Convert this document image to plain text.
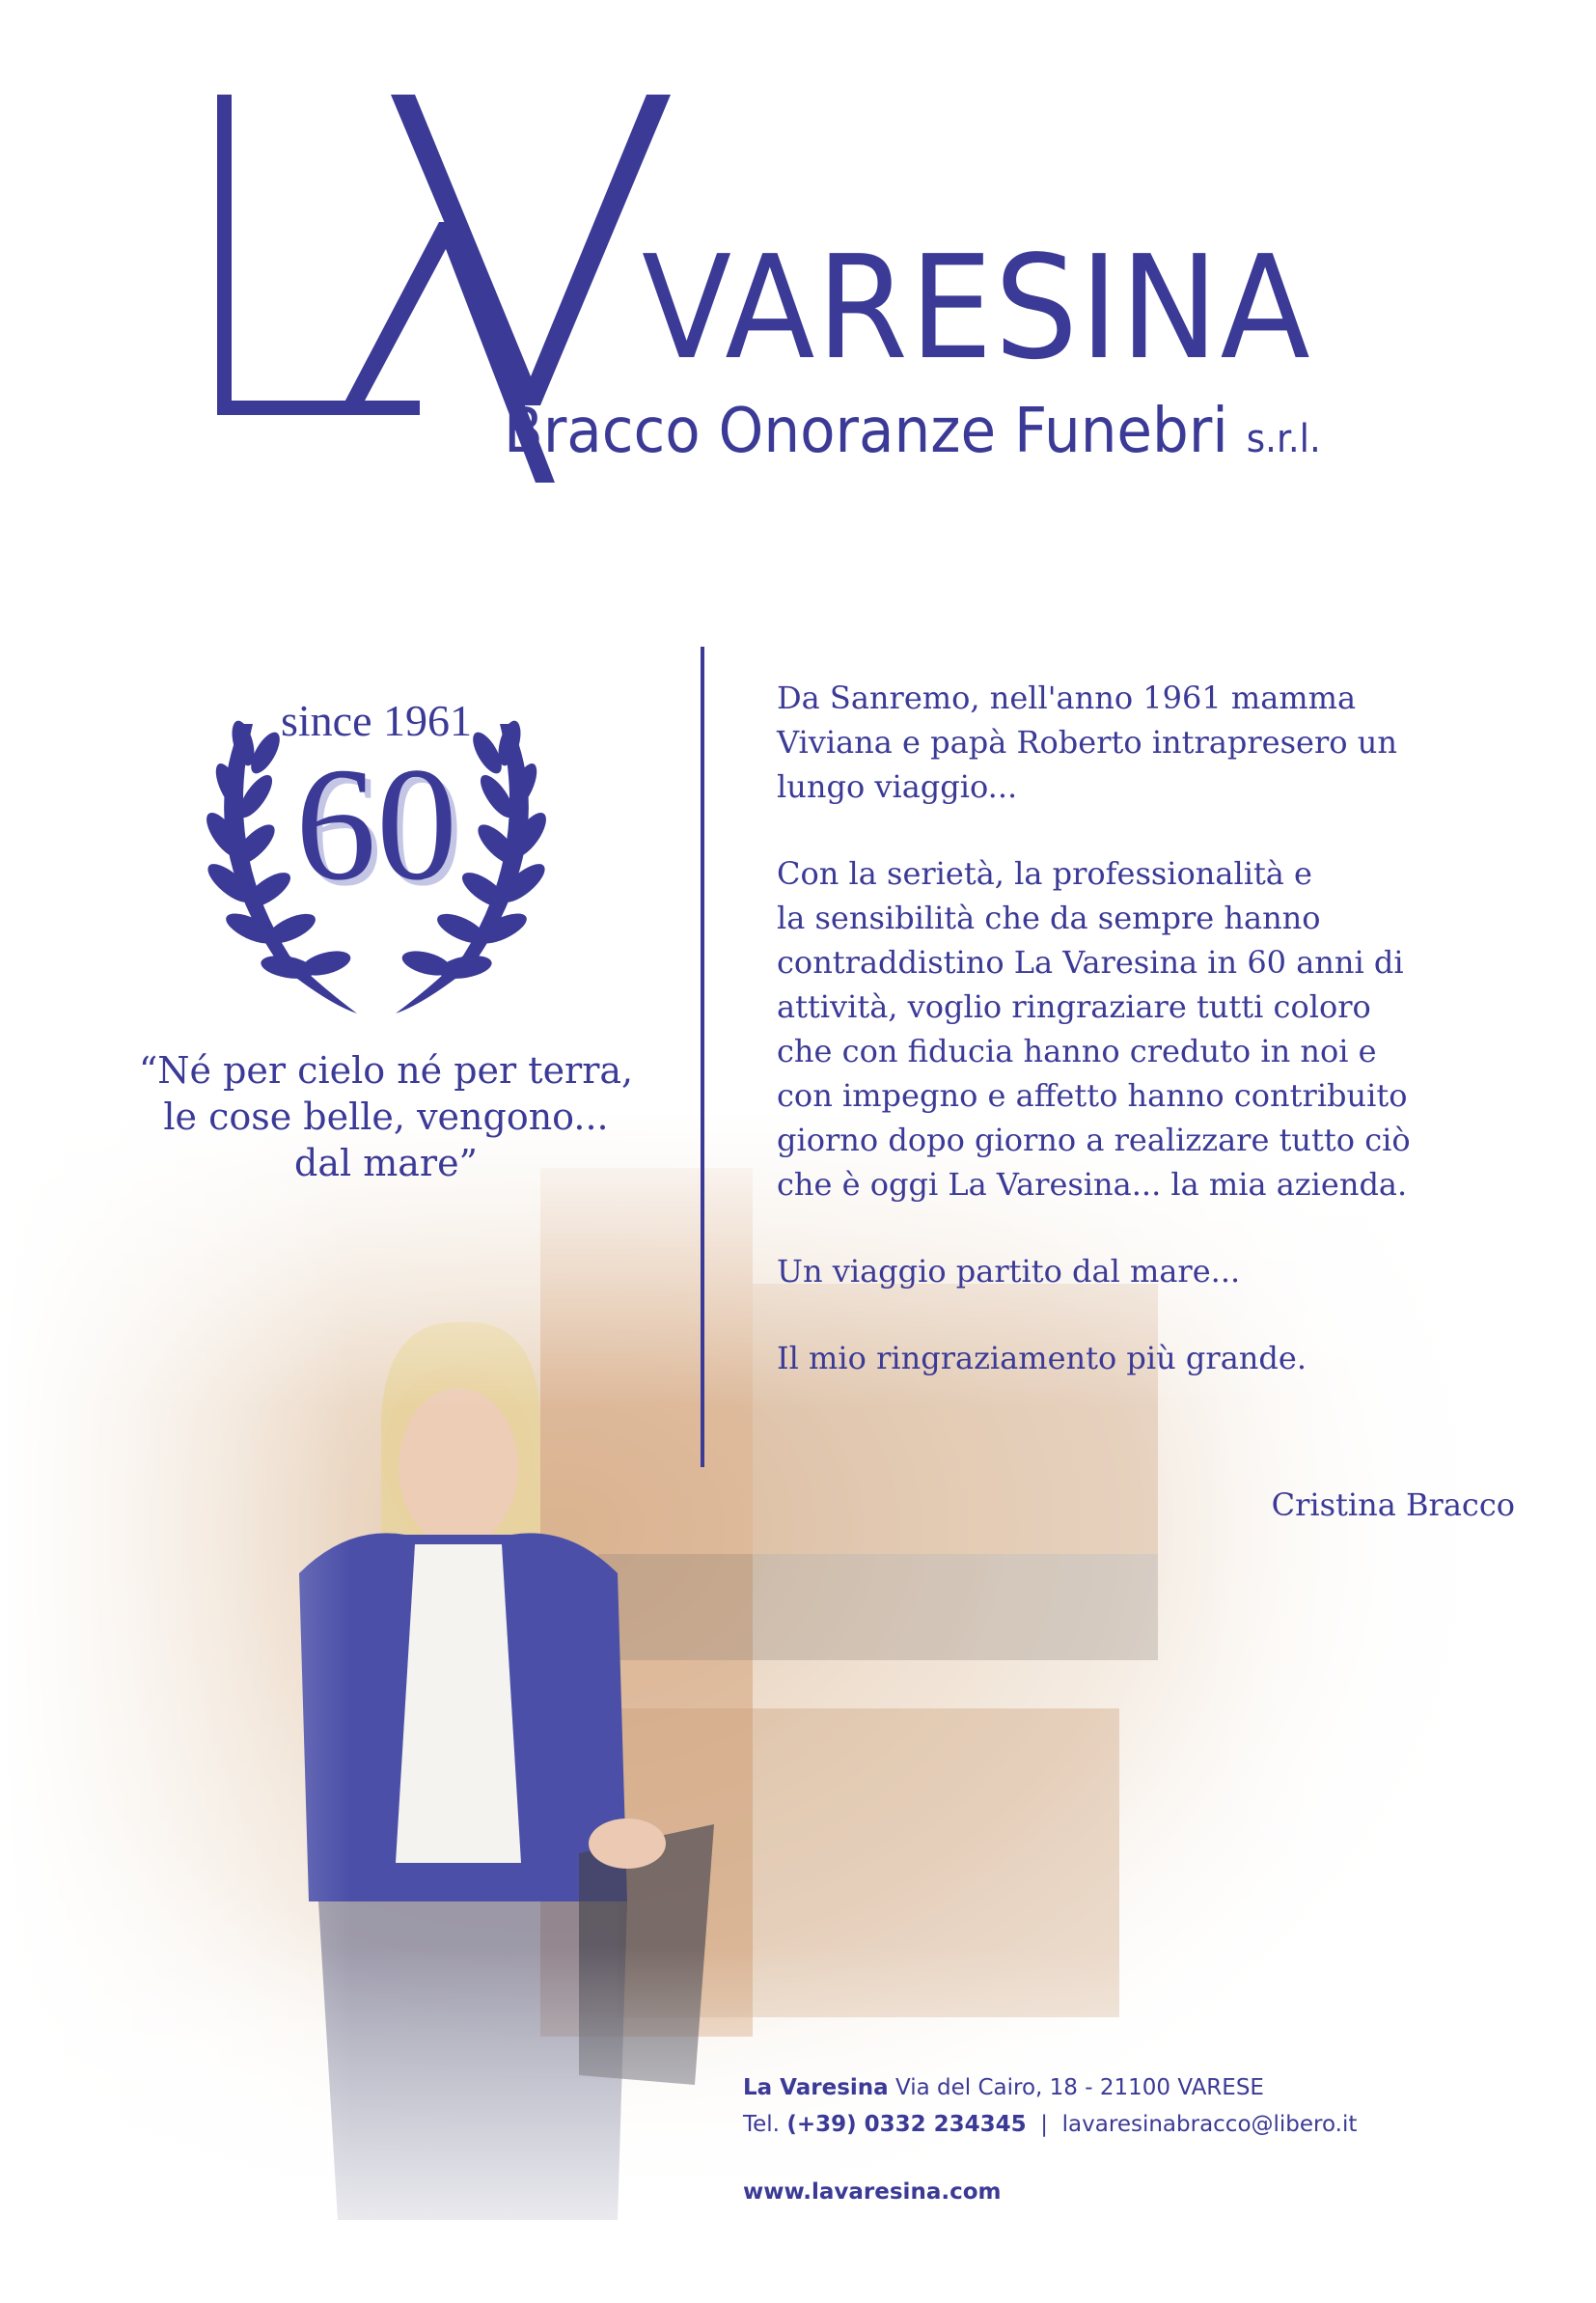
VARESINA
Bracco Onoranze Funebri s.r.l.
since 1961
60
“Né per cielo né per terra,
le cose belle, vengono...
dal mare”

Da Sanremo, nell'anno 1961 mamma
Viviana e papà Roberto intrapresero un
lungo viaggio...

Con la serietà, la professionalità e
la sensibilità che da sempre hanno
contraddistino La Varesina in 60 anni di
attività, voglio ringraziare tutti coloro
che con fiducia hanno creduto in noi e
con impegno e affetto hanno contribuito
giorno dopo giorno a realizzare tutto ciò
che è oggi La Varesina... la mia azienda.

Un viaggio partito dal mare...

Il mio ringraziamento più grande.

Cristina Bracco
La Varesina Via del Cairo, 18 - 21100 VARESE
Tel. (+39) 0332 234345 | lavaresinabracco@libero.it
www.lavaresina.com
